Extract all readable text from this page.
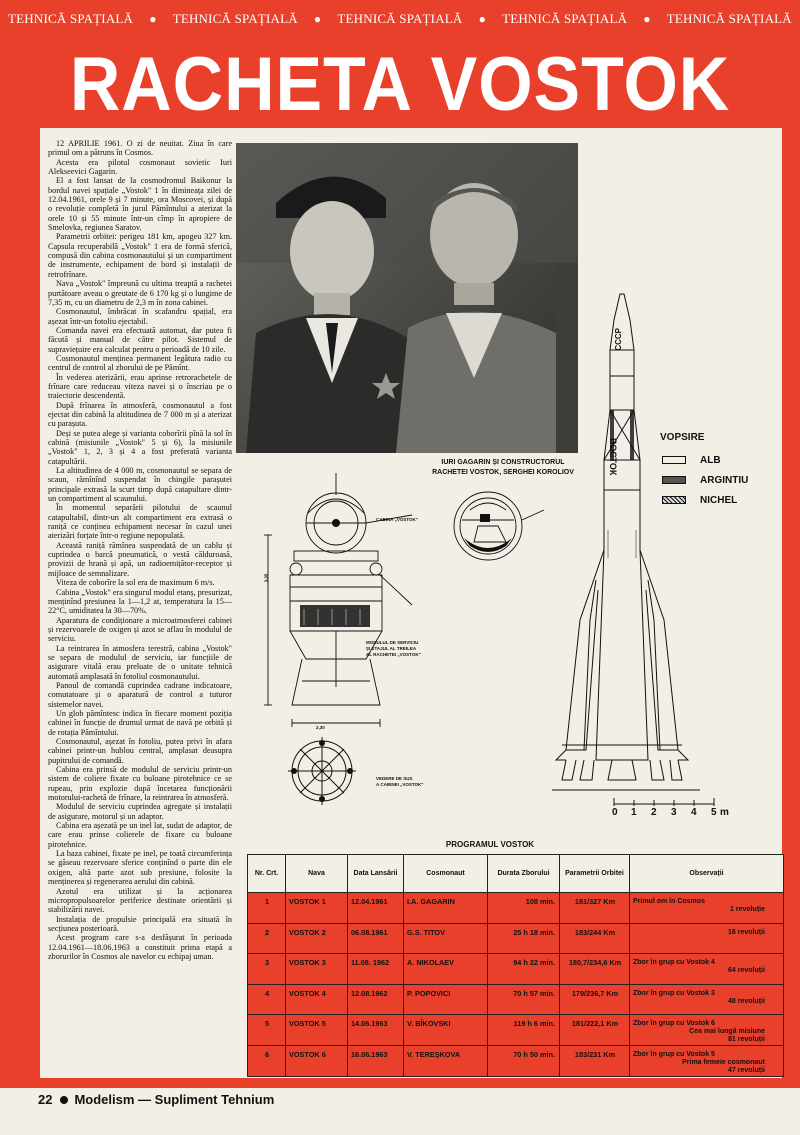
TEHNICĂ SPAȚIALĂ ● TEHNICĂ SPAȚIALĂ ● TEHNICĂ SPAȚIALĂ ● TEHNICĂ SPAȚIALĂ ● TEHNICĂ SPAȚIALĂ
RACHETA VOSTOK

12 APRILIE 1961. O zi de neuitat. Ziua în care primul om a pătruns în Cosmos.

Acesta era pilotul cosmonaut sovietic Iuri Alekseevici Gagarin.

El a fost lansat de la cosmodromul Baikonur la bordul navei spațiale „Vostok" 1 în dimineața zilei de 12.04.1961, orele 9 și 7 minute, ora Moscovei, și după o revoluție completă în jurul Pămîntului a aterizat la orele 10 și 55 minute într-un cîmp în apropiere de Smelovka, regiunea Saratov.

Parametrii orbitei: perigeu 181 km, apogeu 327 km. Capsula recuperabilă „Vostok" 1 era de formă sferică, compusă din cabina cosmonautului și un compartiment de instrumente, echipament de bord și instalații de retrofrînare.

Nava „Vostok" împreună cu ultima treaptă a rachetei purtătoare aveau o greutate de 6 170 kg și o lungime de 7,35 m, cu un diametru de 2,3 m în zona cabinei.

Cosmonautul, îmbrăcat în scafandru spațial, era așezat într-un fotoliu ejectabil.

Comanda navei era efectuată automat, dar putea fi făcută și manual de către pilot. Sistemul de supraviețuire era calculat pentru o perioadă de 10 zile.

Cosmonautul menținea permanent legătura radio cu centrul de control al zborului de pe Pămînt.

În vederea aterizării, erau aprinse retrorachetele de frînare care reduceau viteza navei și o înscriau pe o traiectorie descendentă.

După frînarea în atmosferă, cosmonautul a fost ejectat din cabină la altitudinea de 7 000 m și a aterizat cu parașuta.

Deși se putea alege și varianta coborîrii pînă la sol în cabină (misiunile „Vostok" 5 și 6), la misiunile „Vostok" 1, 2, 3 și 4 a fost preferată varianta catapultării.

La altitudinea de 4 000 m, cosmonautul se separa de scaun, rămînînd suspendat în chingile parașutei principale extrasă la scurt timp după catapultare dintr-un compartiment al scaunului.

În momentul separării pilotului de scaunul catapultabil, dintr-un alt compartiment era extrasă o raniță ce conținea echipament necesar în cazul unei aterizări forțate într-o regiune nepopulată.

Această raniță rămînea suspendată de un cablu și cuprindea o barcă pneumatică, o vestă călduroasă, provizii de hrană și apă, un radioemițător-receptor și mijloace de semnalizare.

Viteza de coborîre la sol era de maximum 6 m/s.

Cabina „Vostok" era singurul modul etanș, presurizat, menținînd presiunea la 1—1,2 at, temperatura la 15—22°C, umiditatea la 30—70%.

Aparatura de condiționare a microatmosferei cabinei și rezervoarele de oxigen și azot se aflau în modulul de serviciu.

La reintrarea în atmosfera terestră, cabina „Vostok" se separa de modulul de serviciu, iar funcțiile de asigurare vitală erau preluate de o unitate tehnică automată amplasată în fotoliul cosmonautului.

Panoul de comandă cuprindea cadrane indicatoare, comutatoare și o aparatură de control a tuturor sistemelor navei.

Un glob pămîntesc indica în fiecare moment poziția cabinei în funcție de drumul urmat de navă pe orbită și de rotația Pămîntului.

Cosmonautul, așezat în fotoliu, putea privi în afara cabinei printr-un hublou central, amplasat deasupra pupitrului de comandă.

Cabina era prinsă de modulul de serviciu printr-un sistem de coliere fixate cu buloane pirotehnice ce se rupeau, prin explozie după încetarea funcționării motorului-rachetă de frînare, la reintrarea în atmosferă.

Modulul de serviciu cuprindea agregate și instalații de asigurare, motorul și un adaptor.

Cabina era așezată pe un inel lat, sudat de adaptor, de care erau prinse colierele de fixare cu buloane pirotehnice.

La baza cabinei, fixate pe inel, pe toată circumferința se găseau rezervoare sferice conținînd o parte din ele oxigen, altă parte azot sub presiune, folosite la menținerea și regenerarea aerului din cabină.

Azotul era utilizat și la acționarea micropropulsoarelor periferice destinate orientării și stabilizării navei.

Instalația de propulsie principală era situată în secțiunea posterioară.

Acest program care s-a desfășurat în perioada 12.04.1961—18.06.1963 a constituit prima etapă a zborurilor în Cosmos ale navelor cu echipaj uman.

IURI GAGARIN ȘI CONSTRUCTORUL
RACHETEI VOSTOK, SERGHEI KOROLIOV
3,35
2,30
CABINA „VOSTOK"
MODULUL DE SERVICIU
ȘI ETAJUL AL TREILEA
AL RACHETEI „VOSTOK"
VEDERE DE SUS
A CABINEI „VOSTOK"
CCCP
ВОСТОК
VOPSIRE
ALB
ARGINTIU
NICHEL
0 1 2 3 4 5 m
PROGRAMUL VOSTOK
Nr. Crt.	Nava	Data Lansării	Cosmonaut	Durata Zborului	Parametrii Orbitei	Observații
1	VOSTOK 1	12.04.1961	I.A. GAGARIN	108 min.	181/327 Km	Primul om în Cosmos
1 revoluție

2	VOSTOK 2	06.08.1961	G.S. TITOV	25 h 18 min.	183/244 Km	16 revoluții

3	VOSTOK 3	11.08. 1962	A. NIKOLAEV	94 h 22 min.	180,7/234,6 Km	Zbor în grup cu Vostok 4
64 revoluții

4	VOSTOK 4	12.08.1962	P. POPOVICI	70 h 57 min.	179/236,7 Km	Zbor în grup cu Vostok 3
48 revoluții

5	VOSTOK 5	14.06.1963	V. BÎKOVSKI	119 h 6 min.	181/222,1 Km	Zbor în grup cu Vostok 6
Cea mai lungă misiune
81 revoluții

6	VOSTOK 6	16.06.1963	V. TEREȘKOVA	70 h 50 min.	183/231 Km	Zbor în grup cu Vostok 5
Prima femeie cosmonaut
47 revoluții
22 Modelism — Supliment Tehnium
